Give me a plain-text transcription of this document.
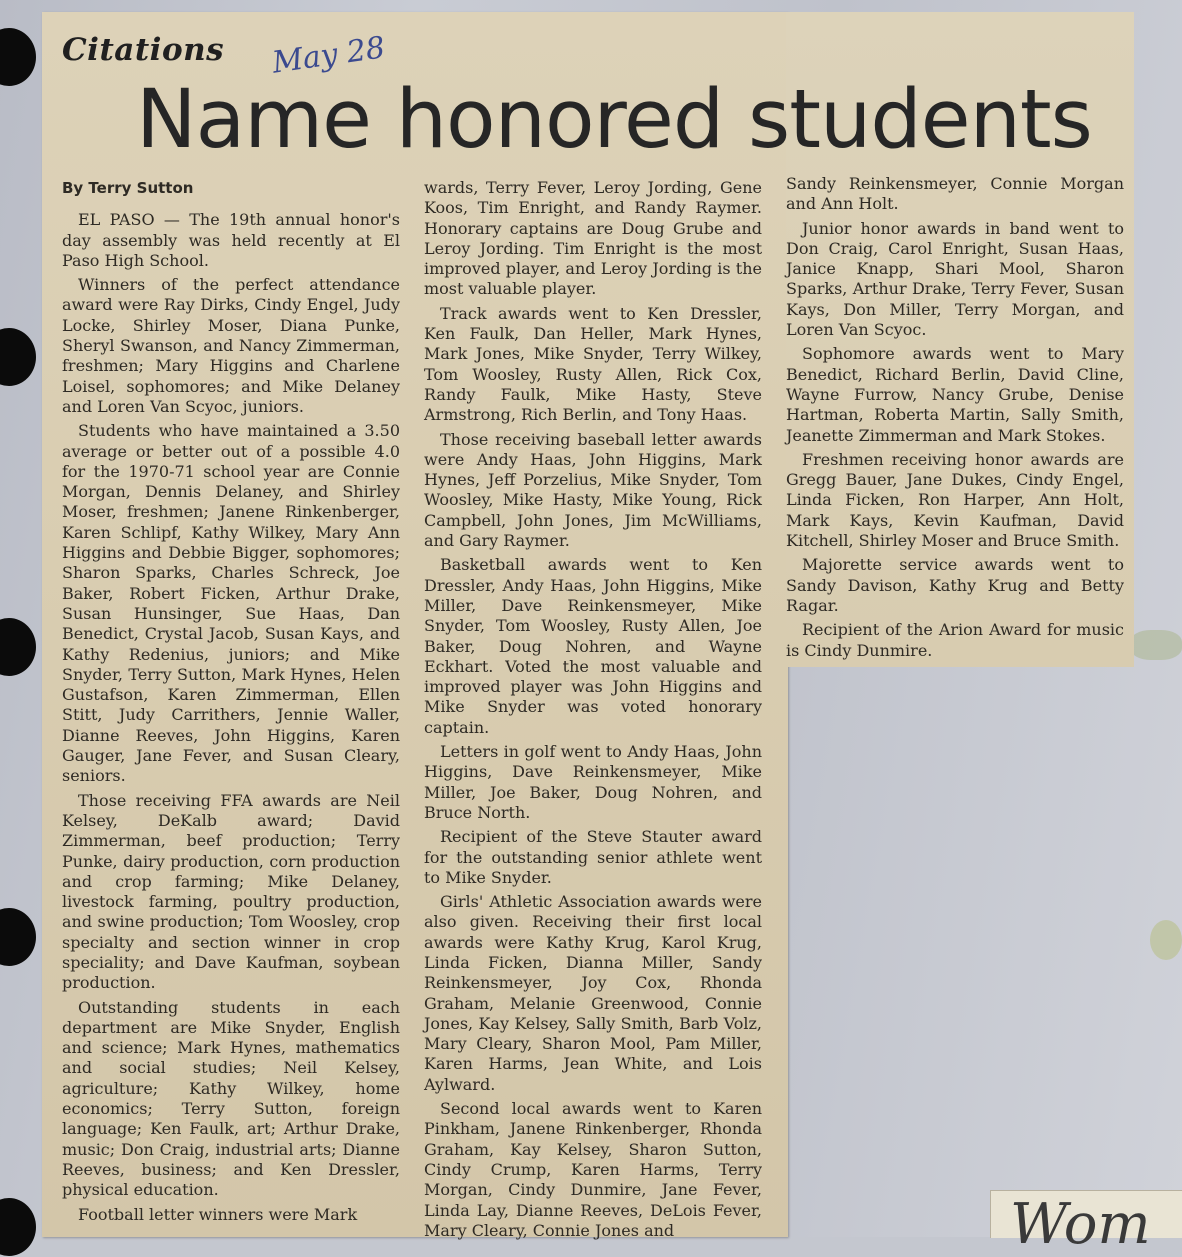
Wom
Citations May 28
Name honored students

By Terry Sutton

EL PASO — The 19th annual honor's day assembly was held recently at El Paso High School.

Winners of the perfect attendance award were Ray Dirks, Cindy Engel, Judy Locke, Shirley Moser, Diana Punke, Sheryl Swanson, and Nancy Zimmerman, freshmen; Mary Higgins and Charlene Loisel, sophomores; and Mike Delaney and Loren Van Scyoc, juniors.

Students who have maintained a 3.50 average or better out of a possible 4.0 for the 1970-71 school year are Connie Morgan, Dennis Delaney, and Shirley Moser, freshmen; Janene Rinkenberger, Karen Schlipf, Kathy Wilkey, Mary Ann Higgins and Debbie Bigger, sophomores; Sharon Sparks, Charles Schreck, Joe Baker, Robert Ficken, Arthur Drake, Susan Hunsinger, Sue Haas, Dan Benedict, Crystal Jacob, Susan Kays, and Kathy Redenius, juniors; and Mike Snyder, Terry Sutton, Mark Hynes, Helen Gustafson, Karen Zimmerman, Ellen Stitt, Judy Carrithers, Jennie Waller, Dianne Reeves, John Higgins, Karen Gauger, Jane Fever, and Susan Cleary, seniors.

Those receiving FFA awards are Neil Kelsey, DeKalb award; David Zimmerman, beef production; Terry Punke, dairy production, corn production and crop farming; Mike Delaney, livestock farming, poultry production, and swine production; Tom Woosley, crop specialty and section winner in crop speciality; and Dave Kaufman, soybean production.

Outstanding students in each department are Mike Snyder, English and science; Mark Hynes, mathematics and social studies; Neil Kelsey, agriculture; Kathy Wilkey, home economics; Terry Sutton, foreign language; Ken Faulk, art; Arthur Drake, music; Don Craig, industrial arts; Dianne Reeves, business; and Ken Dressler, physical education.

Football letter winners were Mark

wards, Terry Fever, Leroy Jording, Gene Koos, Tim Enright, and Randy Raymer. Honorary captains are Doug Grube and Leroy Jording. Tim Enright is the most improved player, and Leroy Jording is the most valuable player.

Track awards went to Ken Dressler, Ken Faulk, Dan Heller, Mark Hynes, Mark Jones, Mike Snyder, Terry Wilkey, Tom Woosley, Rusty Allen, Rick Cox, Randy Faulk, Mike Hasty, Steve Armstrong, Rich Berlin, and Tony Haas.

Those receiving baseball letter awards were Andy Haas, John Higgins, Mark Hynes, Jeff Porzelius, Mike Snyder, Tom Woosley, Mike Hasty, Mike Young, Rick Campbell, John Jones, Jim McWilliams, and Gary Raymer.

Basketball awards went to Ken Dressler, Andy Haas, John Higgins, Mike Miller, Dave Reinkensmeyer, Mike Snyder, Tom Woosley, Rusty Allen, Joe Baker, Doug Nohren, and Wayne Eckhart. Voted the most valuable and improved player was John Higgins and Mike Snyder was voted honorary captain.

Letters in golf went to Andy Haas, John Higgins, Dave Reinkensmeyer, Mike Miller, Joe Baker, Doug Nohren, and Bruce North.

Recipient of the Steve Stauter award for the outstanding senior athlete went to Mike Snyder.

Girls' Athletic Association awards were also given. Receiving their first local awards were Kathy Krug, Karol Krug, Linda Ficken, Dianna Miller, Sandy Reinkensmeyer, Joy Cox, Rhonda Graham, Melanie Greenwood, Connie Jones, Kay Kelsey, Sally Smith, Barb Volz, Mary Cleary, Sharon Mool, Pam Miller, Karen Harms, Jean White, and Lois Aylward.

Second local awards went to Karen Pinkham, Janene Rinkenberger, Rhonda Graham, Kay Kelsey, Sharon Sutton, Cindy Crump, Karen Harms, Terry Morgan, Cindy Dunmire, Jane Fever, Linda Lay, Dianne Reeves, DeLois Fever, Mary Cleary, Connie Jones and

Sandy Reinkensmeyer, Connie Morgan and Ann Holt.

Junior honor awards in band went to Don Craig, Carol Enright, Susan Haas, Janice Knapp, Shari Mool, Sharon Sparks, Arthur Drake, Terry Fever, Susan Kays, Don Miller, Terry Morgan, and Loren Van Scyoc.

Sophomore awards went to Mary Benedict, Richard Berlin, David Cline, Wayne Furrow, Nancy Grube, Denise Hartman, Roberta Martin, Sally Smith, Jeanette Zimmerman and Mark Stokes.

Freshmen receiving honor awards are Gregg Bauer, Jane Dukes, Cindy Engel, Linda Ficken, Ron Harper, Ann Holt, Mark Kays, Kevin Kaufman, David Kitchell, Shirley Moser and Bruce Smith.

Majorette service awards went to Sandy Davison, Kathy Krug and Betty Ragar.

Recipient of the Arion Award for music is Cindy Dunmire.
